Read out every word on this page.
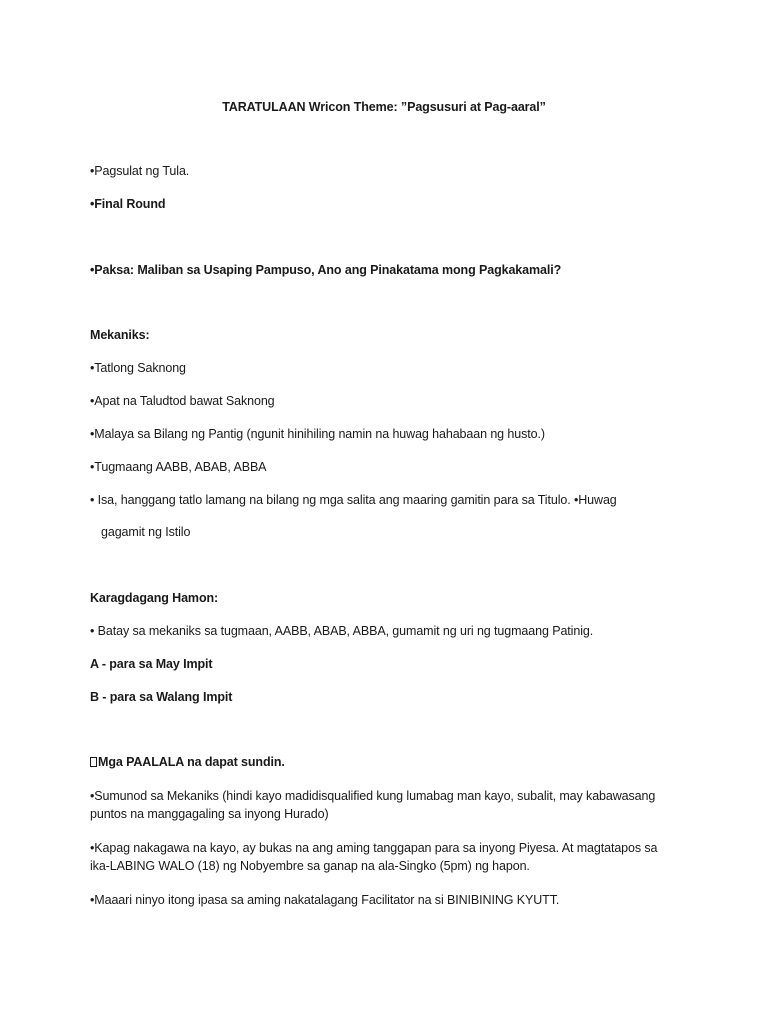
TARATULAAN Wricon Theme: ”Pagsusuri at Pag-aaral”
•Pagsulat ng Tula.
•Final Round
•Paksa: Maliban sa Usaping Pampuso, Ano ang Pinakatama mong Pagkakamali?
Mekaniks:
•Tatlong Saknong
•Apat na Taludtod bawat Saknong
•Malaya sa Bilang ng Pantig (ngunit hinihiling namin na huwag hahabaan ng husto.)
•Tugmaang AABB, ABAB, ABBA
• Isa, hanggang tatlo lamang na bilang ng mga salita ang maaring gamitin para sa Titulo. •Huwag
gagamit ng Istilo
Karagdagang Hamon:
• Batay sa mekaniks sa tugmaan, AABB, ABAB, ABBA, gumamit ng uri ng tugmaang Patinig.
A - para sa May Impit
B - para sa Walang Impit
Mga PAALALA na dapat sundin.
•Sumunod sa Mekaniks (hindi kayo madidisqualified kung lumabag man kayo, subalit, may kabawasang
puntos na manggagaling sa inyong Hurado)
•Kapag nakagawa na kayo, ay bukas na ang aming tanggapan para sa inyong Piyesa. At magtatapos sa
ika-LABING WALO (18) ng Nobyembre sa ganap na ala-Singko (5pm) ng hapon.
•Maaari ninyo itong ipasa sa aming nakatalagang Facilitator na si BINIBINING KYUTT.
